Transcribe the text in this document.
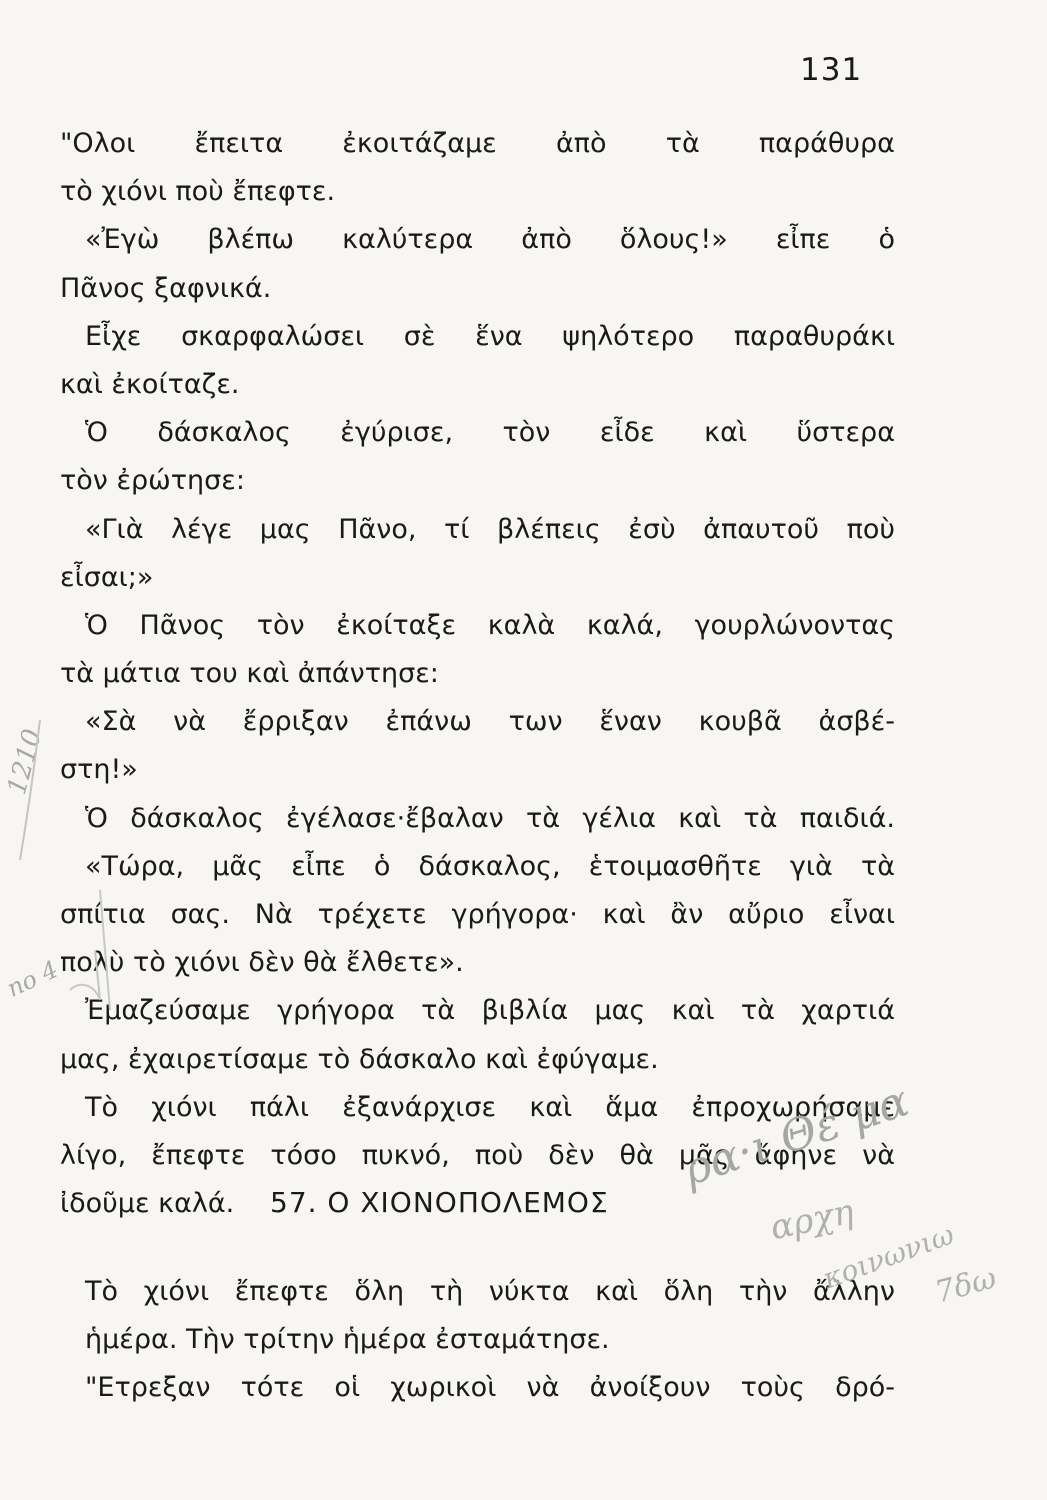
131
"Ολοι ἔπειτα ἐκοιτάζαμε ἀπὸ τὰ παράθυρα
τὸ χιόνι ποὺ ἔπεφτε.
«Ἐγὼ βλέπω καλύτερα ἀπὸ ὅλους!» εἶπε ὁ
Πᾶνος ξαφνικά.
Εἶχε σκαρφαλώσει σὲ ἕνα ψηλότερο παραθυράκι
καὶ ἐκοίταζε.
Ὁ δάσκαλος ἐγύρισε, τὸν εἶδε καὶ ὕστερα
τὸν ἐρώτησε:
«Γιὰ λέγε μας Πᾶνο, τί βλέπεις ἐσὺ ἀπαυτοῦ ποὺ
εἶσαι;»
Ὁ Πᾶνος τὸν ἐκοίταξε καλὰ καλά, γουρλώνοντας
τὰ μάτια του καὶ ἀπάντησε:
«Σὰ νὰ ἔρριξαν ἐπάνω των ἕναν κουβᾶ ἀσβέ-
στη!»
Ὁ δάσκαλος ἐγέλασε·ἔβαλαν τὰ γέλια καὶ τὰ παιδιά.
«Τώρα, μᾶς εἶπε ὁ δάσκαλος, ἑτοιμασθῆτε γιὰ τὰ
σπίτια σας. Νὰ τρέχετε γρήγορα· καὶ ἂν αὔριο εἶναι
πολὺ τὸ χιόνι δὲν θὰ ἔλθετε».
Ἐμαζεύσαμε γρήγορα τὰ βιβλία μας καὶ τὰ χαρτιά
μας, ἐχαιρετίσαμε τὸ δάσκαλο καὶ ἐφύγαμε.
Τὸ χιόνι πάλι ἐξανάρχισε καὶ ἅμα ἐπροχωρήσαμε
λίγο, ἔπεφτε τόσο πυκνό, ποὺ δὲν θὰ μᾶς ἄφηνε νὰ
ἰδοῦμε καλά.	57. Ο ΧΙΟΝΟΠΟΛΕΜΟΣ
Τὸ χιόνι ἔπεφτε ὅλη τὴ νύκτα καὶ ὅλη τὴν ἄλλην
ἡμέρα. Τὴν τρίτην ἡμέρα ἐσταμάτησε.
"Ετρεξαν τότε οἱ χωρικοὶ νὰ ἀνοίξουν τοὺς δρό-
1210
no 4
ρα·ι Θέ μα
αρχη
κοινωνιω
7δω
